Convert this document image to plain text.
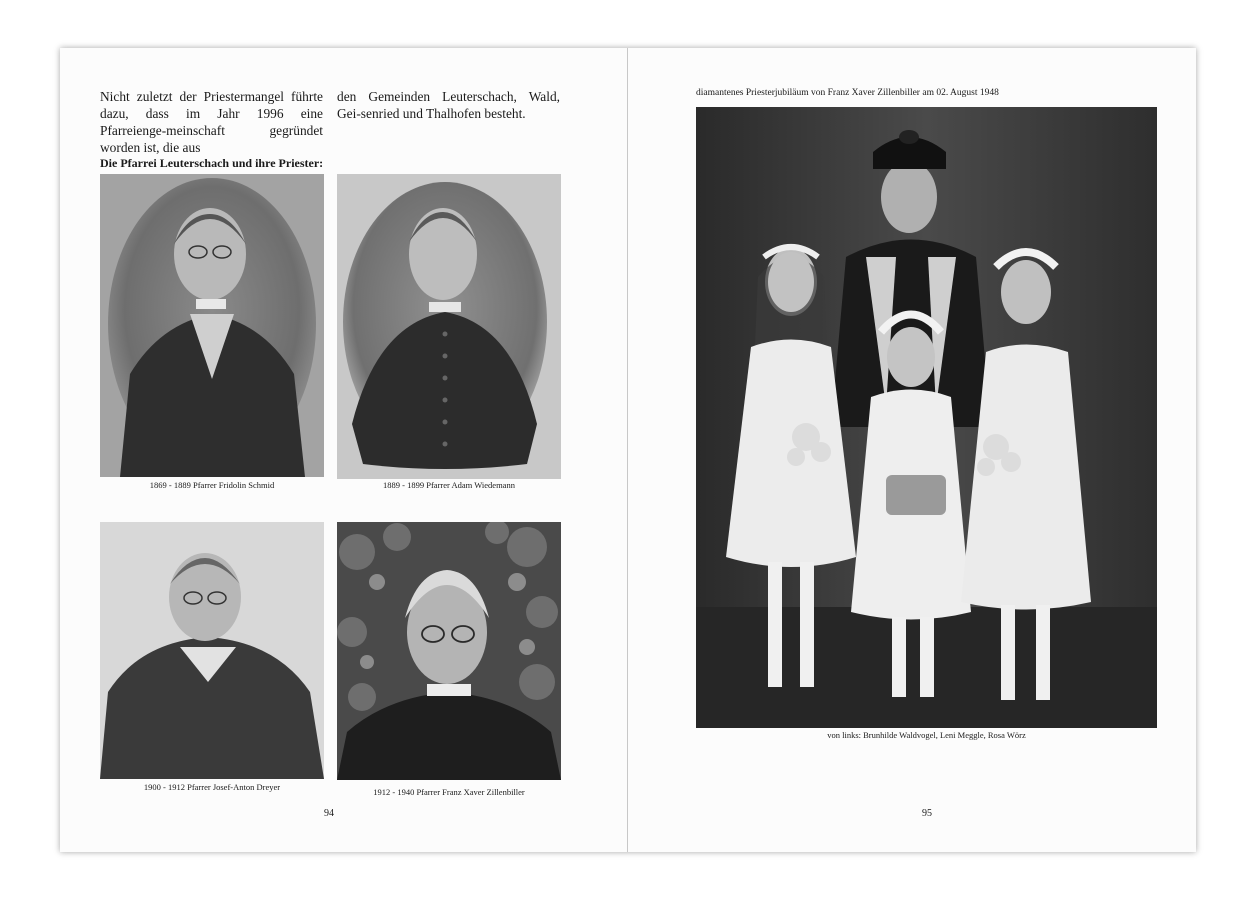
Nicht zuletzt der Priestermangel führte dazu, dass im Jahr 1996 eine Pfarreienge-meinschaft gegründet worden ist, die aus
den Gemeinden Leuterschach, Wald, Gei-senried und Thalhofen besteht.
Die Pfarrei Leuterschach und ihre Priester:
1869 - 1889 Pfarrer Fridolin Schmid	1889 - 1899 Pfarrer Adam Wiedemann
1900 - 1912 Pfarrer Josef-Anton Dreyer	1912 - 1940 Pfarrer Franz Xaver Zillenbiller
94
diamantenes Priesterjubiläum von Franz Xaver Zillenbiller am 02. August 1948
von links: Brunhilde Waldvogel, Leni Meggle, Rosa Wörz
95
